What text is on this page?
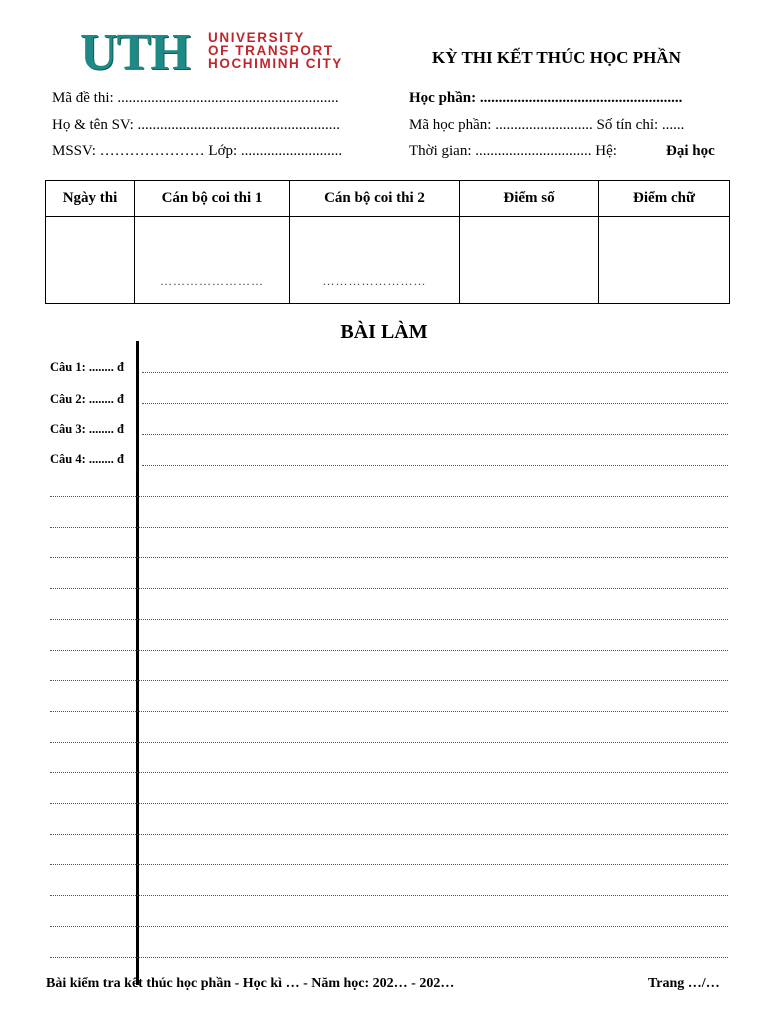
UTH UNIVERSITY
OF TRANSPORT
HOCHIMINH CITY	KỲ THI KẾT THÚC HỌC PHẦN
Mã đề thi: ...........................................................
Họ & tên SV: ......................................................
MSSV: ………………… Lớp: ...........................
Học phần: ......................................................
Mã học phần: .......................... Số tín chỉ: ......
Thời gian: ............................... Hệ:	Đại học
Ngày thi	Cán bộ coi thi 1	Cán bộ coi thi 2	Điểm số	Điểm chữ

	……………………	……………………		

BÀI LÀM
Câu 1: ........ đ
Câu 2: ........ đ
Câu 3: ........ đ
Câu 4: ........ đ
Bài kiểm tra kết thúc học phần - Học kì … - Năm học: 202… - 202…	Trang …/…
